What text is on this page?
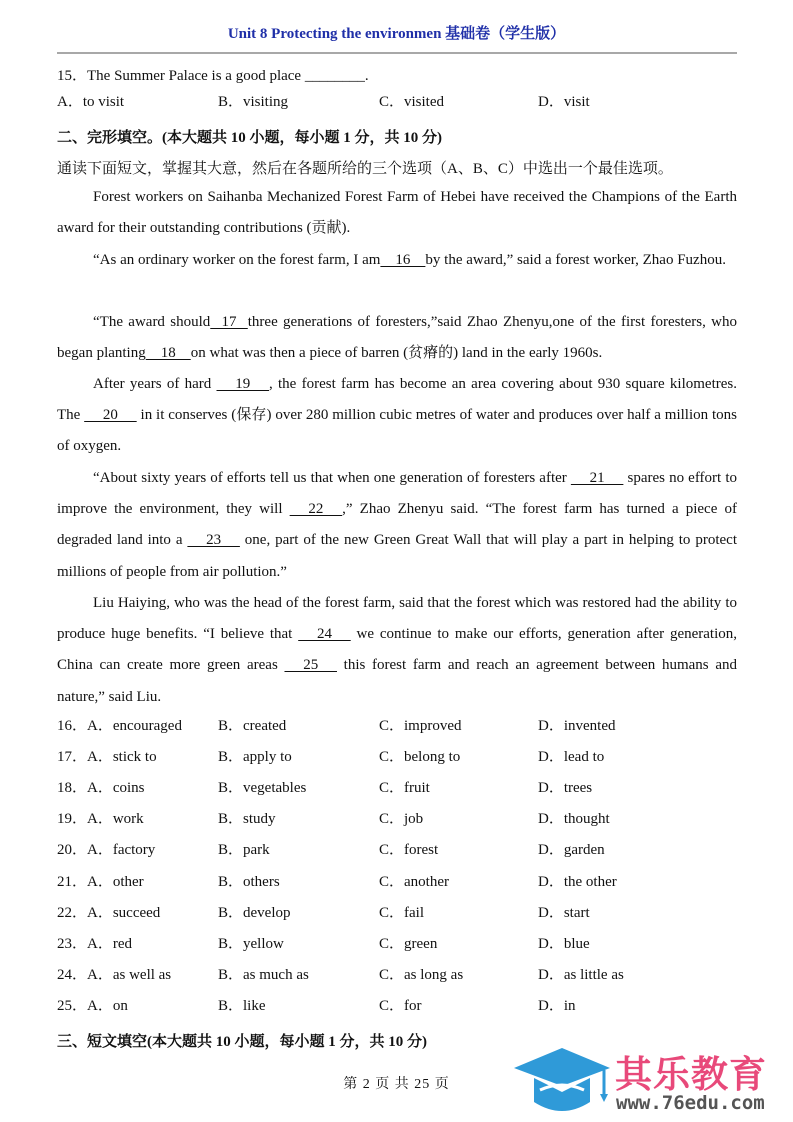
Unit 8 Protecting the environmen 基础卷（学生版）
15．The Summer Palace is a good place ________.
A．to visit	B．visiting	C．visited	D．visit
二、完形填空。(本大题共 10 小题，每小题 1 分，共 10 分)
通读下面短文，掌握其大意，然后在各题所给的三个选项（A、B、C）中选出一个最佳选项。
Forest workers on Saihanba Mechanized Forest Farm of Hebei have received the Champions of the Earth award for their outstanding contributions (贡献).
“As an ordinary worker on the forest farm, I am    16    by the award,” said a forest worker, Zhao Fuzhou.
“The award should   17   three generations of foresters,”said Zhao Zhenyu,one of the first foresters, who began planting    18    on what was then a piece of barren (贫瘠的) land in the early 1960s.
After years of hard      19     , the forest farm has become an area covering about 930 square kilometres. The      20      in it conserves (保存) over 280 million cubic metres of water and produces over half a million tons of oxygen.
“About sixty years of efforts tell us that when one generation of foresters after      21      spares no effort to improve the environment, they will      22     ,” Zhao Zhenyu said. “The forest farm has turned a piece of degraded land into a      23      one, part of the new Green Great Wall that will play a part in helping to protect millions of people from air pollution.”
Liu Haiying, who was the head of the forest farm, said that the forest which was restored had the ability to produce huge benefits. “I believe that      24      we continue to make our efforts, generation after generation, China can create more green areas      25      this forest farm and reach an agreement between humans and nature,” said Liu.
16．A．encouraged B．created	C．improved	D．invented
17．A．stick to	B．apply to	C．belong to	D．lead to
18．A．coins	B．vegetables	C．fruit	D．trees
19．A．work	B．study	C．job	D．thought
20．A．factory	B．park	C．forest	D．garden
21．A．other	B．others	C．another	D．the other
22．A．succeed	B．develop	C．fail	D．start
23．A．red	B．yellow	C．green	D．blue
24．A．as well as	B．as much as	C．as long as	D．as little as
25．A．on	B．like	C．for	D．in
三、短文填空(本大题共 10 小题，每小题 1 分，共 10 分)
第 2 页 共 25 页	其乐教育
www.76edu.com
